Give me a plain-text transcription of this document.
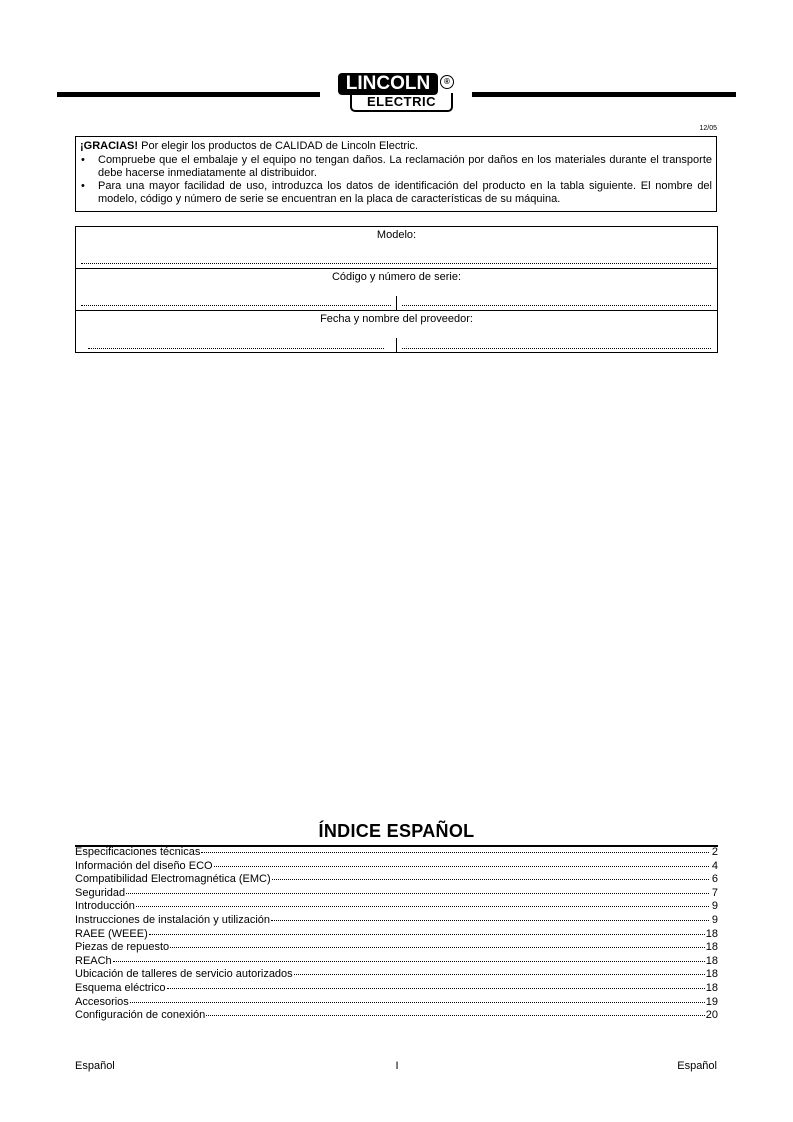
LINCOLN	®
ELECTRIC
12/05
¡GRACIAS! Por elegir los productos de CALIDAD de Lincoln Electric.
• Compruebe que el embalaje y el equipo no tengan daños. La reclamación por daños en los materiales durante el transporte debe hacerse inmediatamente al distribuidor.
• Para una mayor facilidad de uso, introduzca los datos de identificación del producto en la tabla siguiente. El nombre del modelo, código y número de serie se encuentran en la placa de características de su máquina.
Modelo:
Código y número de serie:
Fecha y nombre del proveedor:
ÍNDICE ESPAÑOL
Especificaciones técnicas	2
Información del diseño ECO	4
Compatibilidad Electromagnética (EMC)	6
Seguridad	7
Introducción	9
Instrucciones de instalación y utilización	9
RAEE (WEEE)	18
Piezas de repuesto	18
REACh	18
Ubicación de talleres de servicio autorizados	18
Esquema eléctrico	18
Accesorios	19
Configuración de conexión	20
Español	I	Español
